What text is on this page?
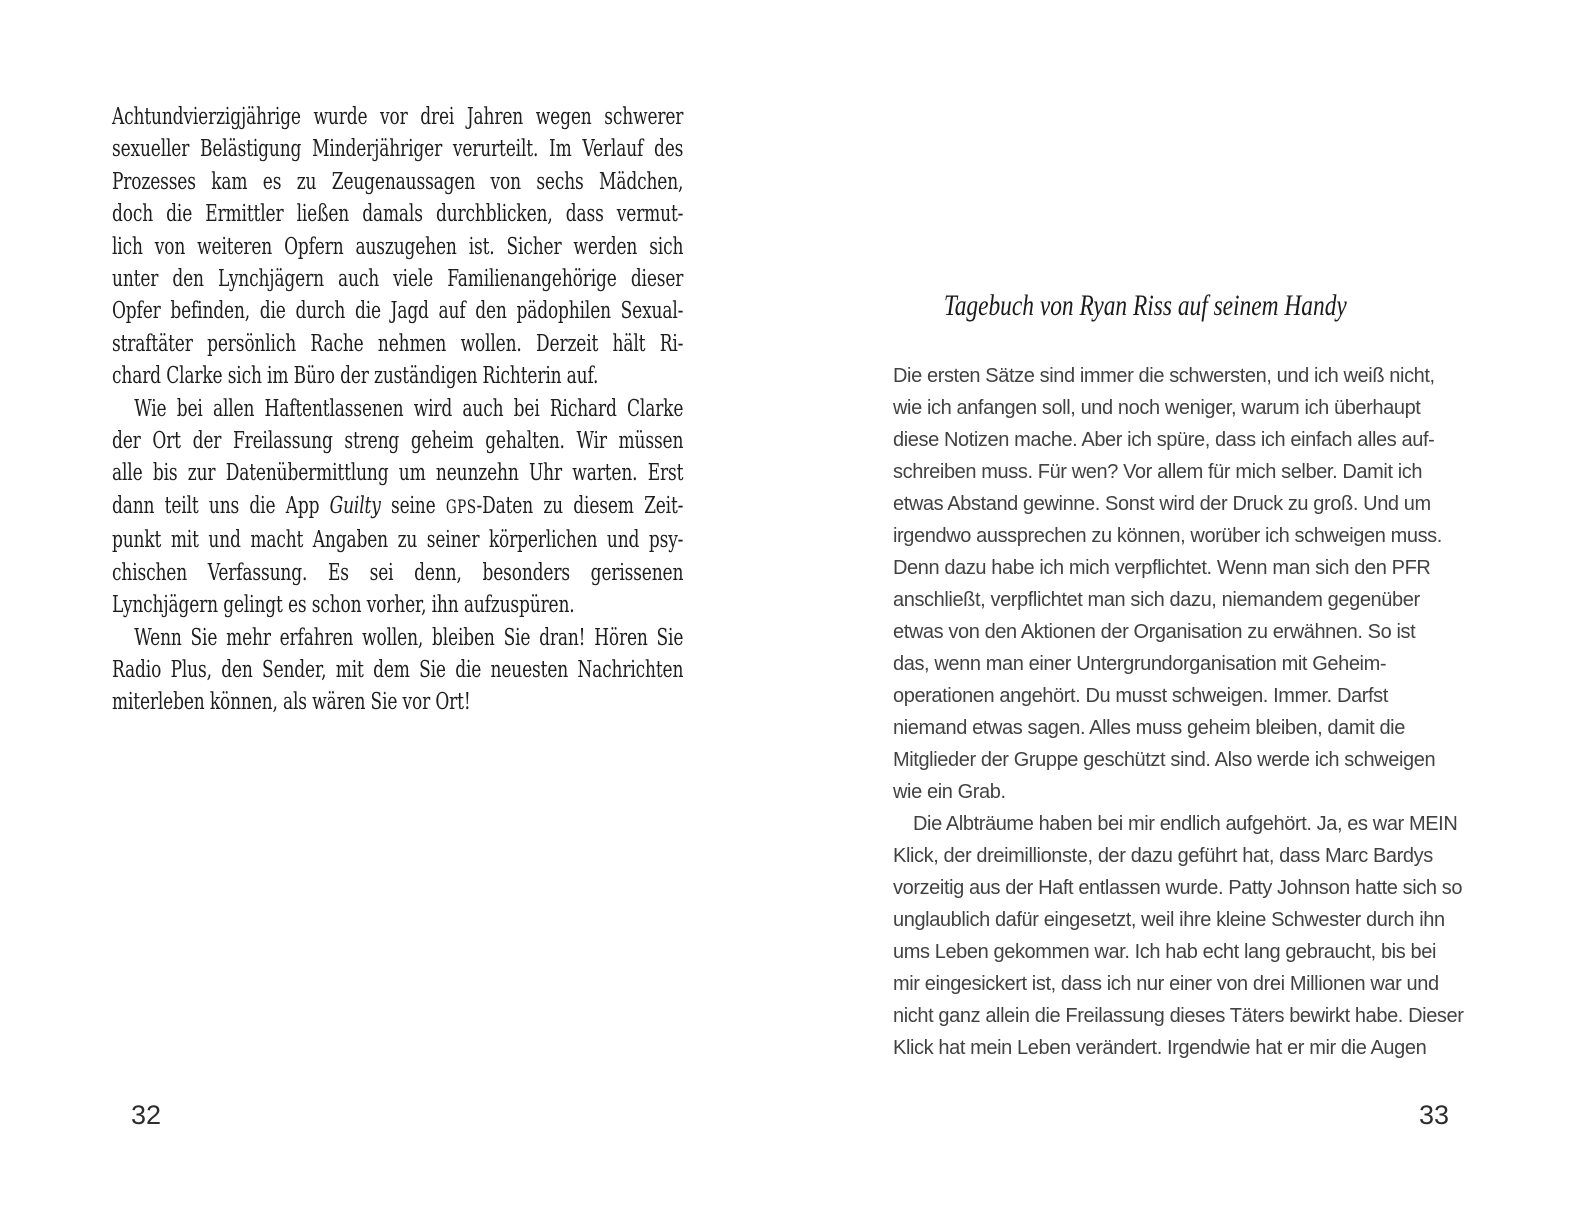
Achtundvierzigjährige wurde vor drei Jahren wegen schwerer
sexueller Belästigung Minderjähriger verurteilt. Im Verlauf des
Prozesses kam es zu Zeugenaussagen von sechs Mädchen,
doch die Ermittler ließen damals durchblicken, dass vermut-
lich von weiteren Opfern auszugehen ist. Sicher werden sich
unter den Lynchjägern auch viele Familienangehörige dieser
Opfer befinden, die durch die Jagd auf den pädophilen Sexual-
straftäter persönlich Rache nehmen wollen. Derzeit hält Ri-
chard Clarke sich im Büro der zuständigen Richterin auf.
Wie bei allen Haftentlassenen wird auch bei Richard Clarke
der Ort der Freilassung streng geheim gehalten. Wir müssen
alle bis zur Datenübermittlung um neunzehn Uhr warten. Erst
dann teilt uns die App Guilty seine GPS-Daten zu diesem Zeit-
punkt mit und macht Angaben zu seiner körperlichen und psy-
chischen Verfassung. Es sei denn, besonders gerissenen
Lynchjägern gelingt es schon vorher, ihn aufzuspüren.
Wenn Sie mehr erfahren wollen, bleiben Sie dran! Hören Sie
Radio Plus, den Sender, mit dem Sie die neuesten Nachrichten
miterleben können, als wären Sie vor Ort!
32
Tagebuch von Ryan Riss auf seinem Handy
Die ersten Sätze sind immer die schwersten, und ich weiß nicht,
wie ich anfangen soll, und noch weniger, warum ich überhaupt
diese Notizen mache. Aber ich spüre, dass ich einfach alles auf-
schreiben muss. Für wen? Vor allem für mich selber. Damit ich
etwas Abstand gewinne. Sonst wird der Druck zu groß. Und um
irgendwo aussprechen zu können, worüber ich schweigen muss.
Denn dazu habe ich mich verpflichtet. Wenn man sich den PFR
anschließt, verpflichtet man sich dazu, niemandem gegenüber
etwas von den Aktionen der Organisation zu erwähnen. So ist
das, wenn man einer Untergrundorganisation mit Geheim-
operationen angehört. Du musst schweigen. Immer. Darfst
niemand etwas sagen. Alles muss geheim bleiben, damit die
Mitglieder der Gruppe geschützt sind. Also werde ich schweigen
wie ein Grab.
Die Albträume haben bei mir endlich aufgehört. Ja, es war MEIN
Klick, der dreimillionste, der dazu geführt hat, dass Marc Bardys
vorzeitig aus der Haft entlassen wurde. Patty Johnson hatte sich so
unglaublich dafür eingesetzt, weil ihre kleine Schwester durch ihn
ums Leben gekommen war. Ich hab echt lang gebraucht, bis bei
mir eingesickert ist, dass ich nur einer von drei Millionen war und
nicht ganz allein die Freilassung dieses Täters bewirkt habe. Dieser
Klick hat mein Leben verändert. Irgendwie hat er mir die Augen
33
